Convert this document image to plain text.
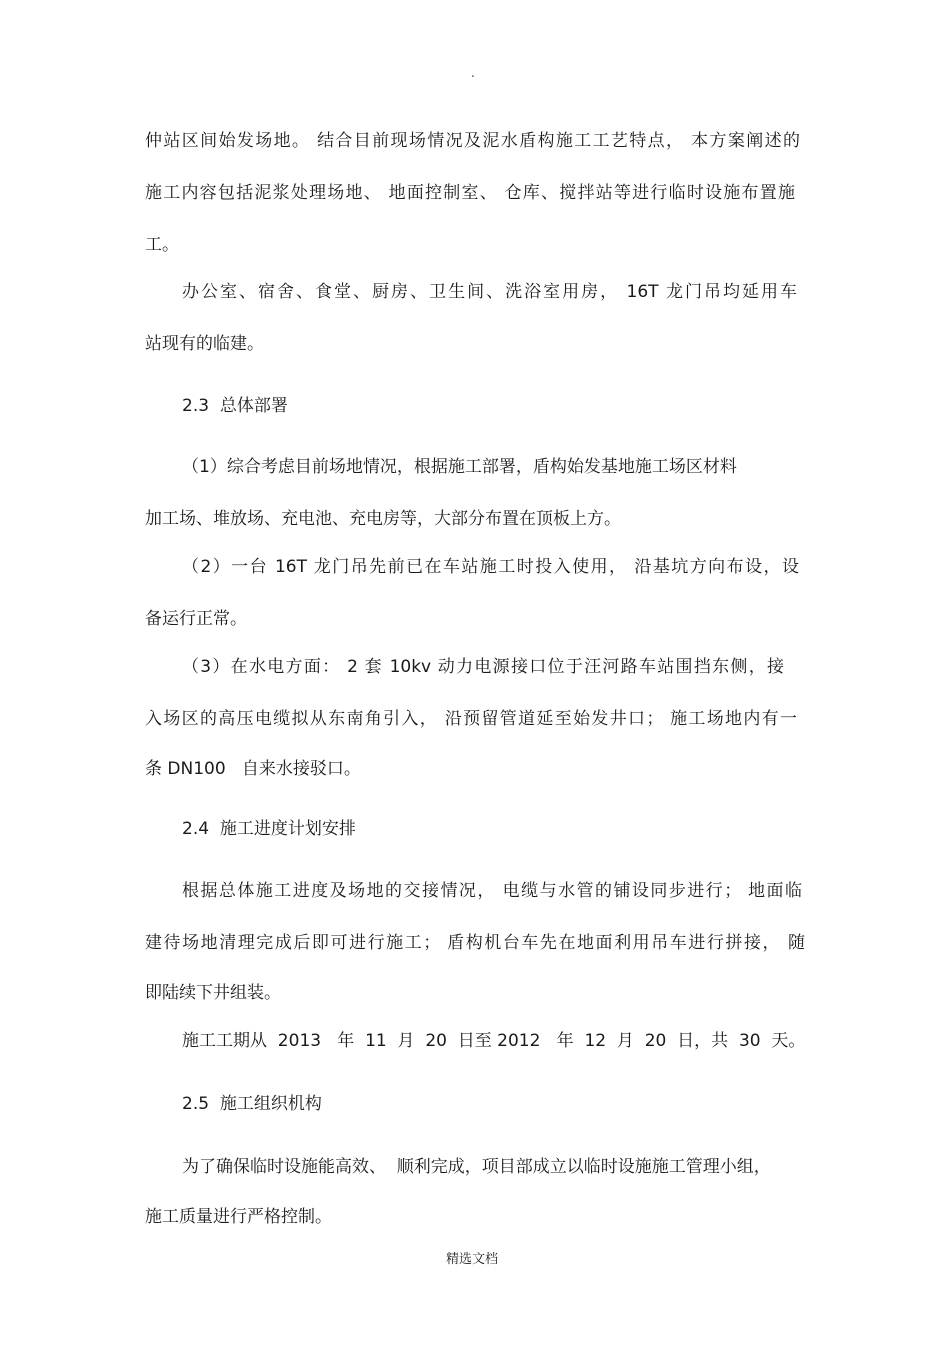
.
仲站区间始发场地。 结合目前现场情况及泥水盾构施工工艺特点， 本方案阐述的
施工内容包括泥浆处理场地、 地面控制室、 仓库、搅拌站等进行临时设施布置施
工。
办公室、宿舍、食堂、厨房、卫生间、洗浴室用房， 16T 龙门吊均延用车
站现有的临建。
2.3  总体部署
（1）综合考虑目前场地情况，根据施工部署，盾构始发基地施工场区材料
加工场、堆放场、充电池、充电房等，大部分布置在顶板上方。
（2）一台 16T 龙门吊先前已在车站施工时投入使用， 沿基坑方向布设，设
备运行正常。
（3）在水电方面： 2 套 10kv 动力电源接口位于汪河路车站围挡东侧，接
入场区的高压电缆拟从东南角引入， 沿预留管道延至始发井口； 施工场地内有一
条 DN100   自来水接驳口。
2.4  施工进度计划安排
根据总体施工进度及场地的交接情况， 电缆与水管的铺设同步进行； 地面临
建待场地清理完成后即可进行施工； 盾构机台车先在地面利用吊车进行拼接， 随
即陆续下井组装。
施工工期从  2013   年  11  月  20  日至 2012   年  12  月  20  日，共  30  天。
2.5  施工组织机构
为了确保临时设施能高效、  顺利完成，项目部成立以临时设施施工管理小组，
施工质量进行严格控制。
精选文档
